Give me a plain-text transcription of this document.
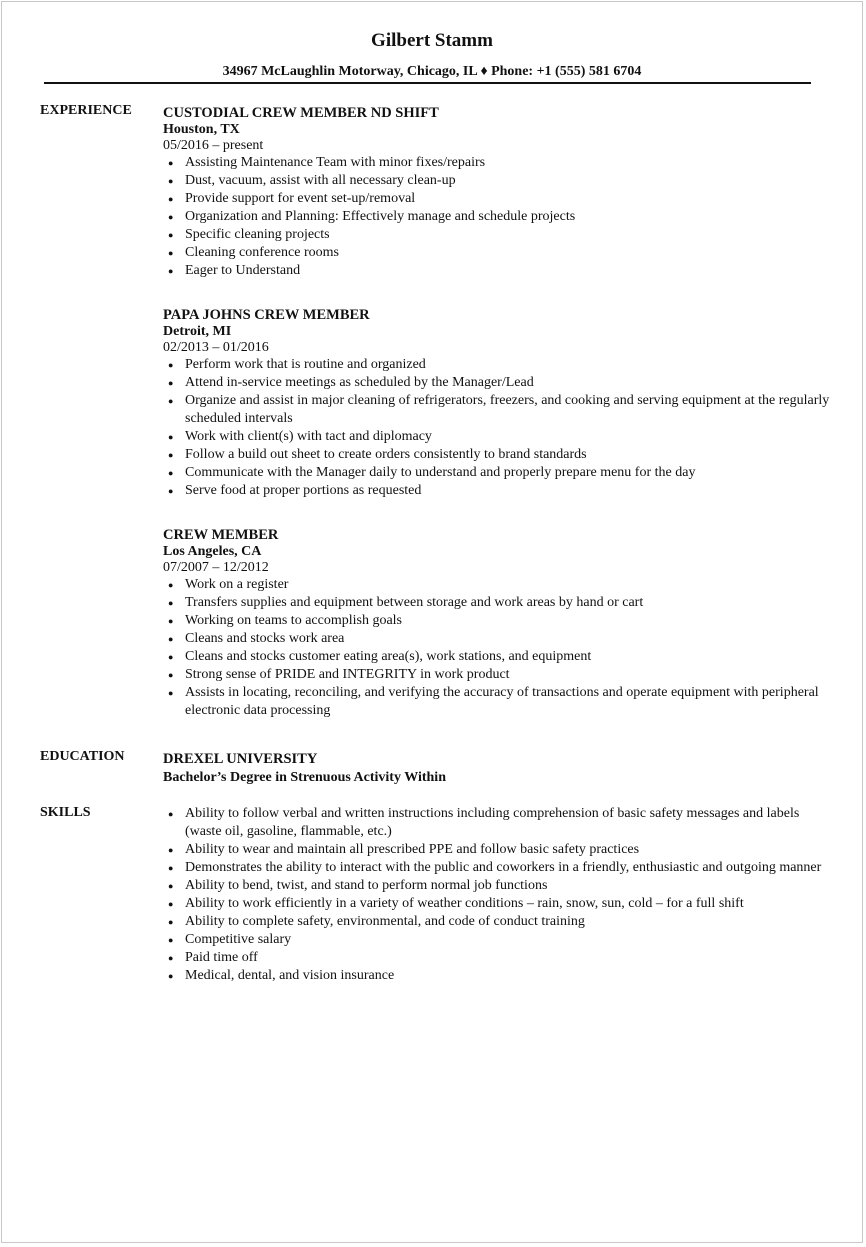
Gilbert Stamm
34967 McLaughlin Motorway, Chicago, IL ♦ Phone: +1 (555) 581 6704
EXPERIENCE CUSTODIAL CREW MEMBER ND SHIFT
Houston, TX
05/2016 – present
● Assisting Maintenance Team with minor fixes/repairs
● Dust, vacuum, assist with all necessary clean-up
● Provide support for event set-up/removal
● Organization and Planning: Effectively manage and schedule projects
● Specific cleaning projects
● Cleaning conference rooms
● Eager to Understand
PAPA JOHNS CREW MEMBER
Detroit, MI
02/2013 – 01/2016
● Perform work that is routine and organized
● Attend in-service meetings as scheduled by the Manager/Lead
● Organize and assist in major cleaning of refrigerators, freezers, and cooking and serving equipment at the regularly scheduled intervals
● Work with client(s) with tact and diplomacy
● Follow a build out sheet to create orders consistently to brand standards
● Communicate with the Manager daily to understand and properly prepare menu for the day
● Serve food at proper portions as requested
CREW MEMBER
Los Angeles, CA
07/2007 – 12/2012
● Work on a register
● Transfers supplies and equipment between storage and work areas by hand or cart
● Working on teams to accomplish goals
● Cleans and stocks work area
● Cleans and stocks customer eating area(s), work stations, and equipment
● Strong sense of PRIDE and INTEGRITY in work product
● Assists in locating, reconciling, and verifying the accuracy of transactions and operate equipment with peripheral electronic data processing
EDUCATION	DREXEL UNIVERSITY
Bachelor’s Degree in Strenuous Activity Within
SKILLS	● Ability to follow verbal and written instructions including comprehension of basic safety messages and labels (waste oil, gasoline, flammable, etc.)
● Ability to wear and maintain all prescribed PPE and follow basic safety practices
● Demonstrates the ability to interact with the public and coworkers in a friendly, enthusiastic and outgoing manner
● Ability to bend, twist, and stand to perform normal job functions
● Ability to work efficiently in a variety of weather conditions – rain, snow, sun, cold – for a full shift
● Ability to complete safety, environmental, and code of conduct training
● Competitive salary
● Paid time off
● Medical, dental, and vision insurance
